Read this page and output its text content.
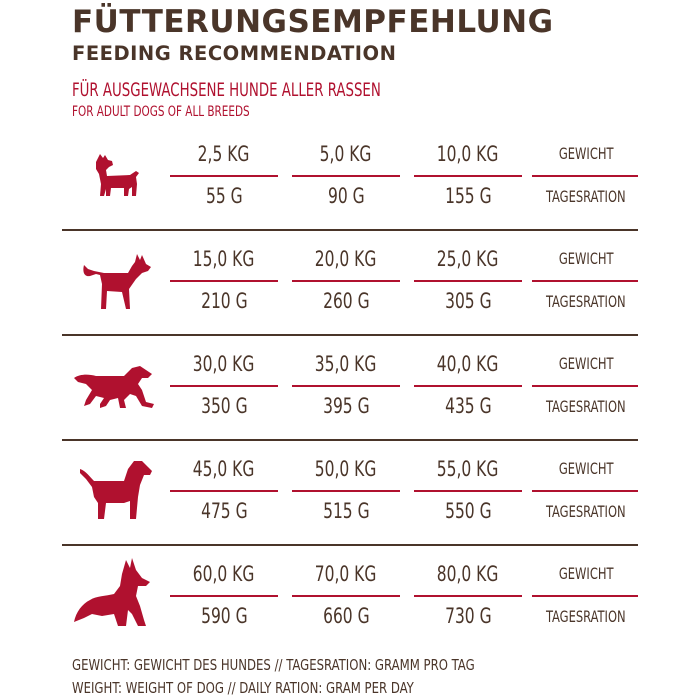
FÜTTERUNGSEMPFEHLUNG
FEEDING RECOMMENDATION
FÜR AUSGEWACHSENE HUNDE ALLER RASSEN
FOR ADULT DOGS OF ALL BREEDS
2,5 KG	5,0 KG	10,0 KG	GEWICHT
55 G	90 G	155 G	TAGESRATION
15,0 KG	20,0 KG	25,0 KG	GEWICHT
210 G	260 G	305 G	TAGESRATION
30,0 KG	35,0 KG	40,0 KG	GEWICHT
350 G	395 G	435 G	TAGESRATION
45,0 KG	50,0 KG	55,0 KG	GEWICHT
475 G	515 G	550 G	TAGESRATION
60,0 KG	70,0 KG	80,0 KG	GEWICHT
590 G	660 G	730 G	TAGESRATION
GEWICHT: GEWICHT DES HUNDES // TAGESRATION: GRAMM PRO TAG
WEIGHT: WEIGHT OF DOG // DAILY RATION: GRAM PER DAY
